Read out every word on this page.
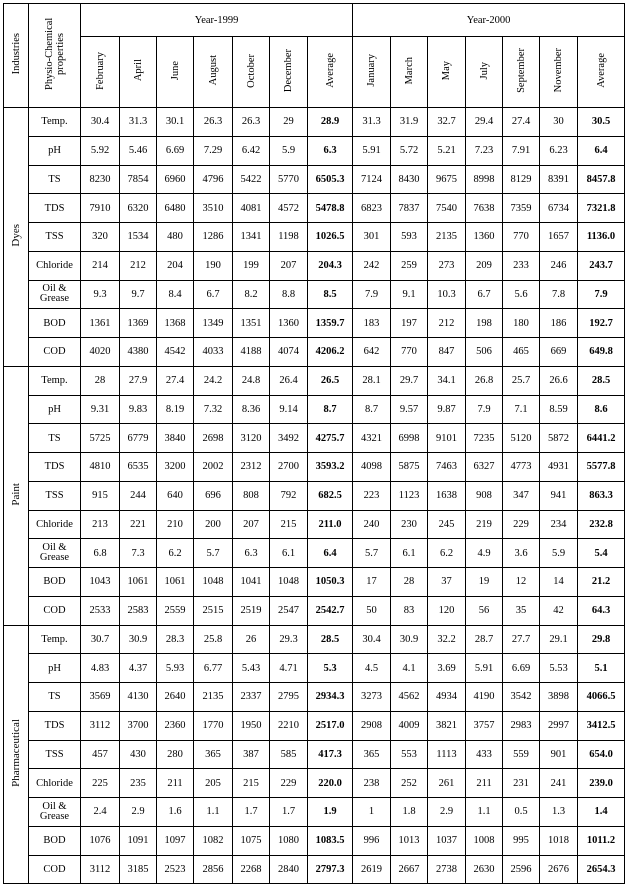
Industries	Physio-Chemical properties	Year-1999							Year-2000						
		February	April	June	August	October	December	Average	January	March	May	July	September	November	Average
Dyes	Temp.	30.4	31.3	30.1	26.3	26.3	29	28.9	31.3	31.9	32.7	29.4	27.4	30	30.5
	pH	5.92	5.46	6.69	7.29	6.42	5.9	6.3	5.91	5.72	5.21	7.23	7.91	6.23	6.4
	TS	8230	7854	6960	4796	5422	5770	6505.3	7124	8430	9675	8998	8129	8391	8457.8
	TDS	7910	6320	6480	3510	4081	4572	5478.8	6823	7837	7540	7638	7359	6734	7321.8
	TSS	320	1534	480	1286	1341	1198	1026.5	301	593	2135	1360	770	1657	1136.0
	Chloride	214	212	204	190	199	207	204.3	242	259	273	209	233	246	243.7
	Oil & Grease	9.3	9.7	8.4	6.7	8.2	8.8	8.5	7.9	9.1	10.3	6.7	5.6	7.8	7.9
	BOD	1361	1369	1368	1349	1351	1360	1359.7	183	197	212	198	180	186	192.7
	COD	4020	4380	4542	4033	4188	4074	4206.2	642	770	847	506	465	669	649.8
Paint	Temp.	28	27.9	27.4	24.2	24.8	26.4	26.5	28.1	29.7	34.1	26.8	25.7	26.6	28.5
	pH	9.31	9.83	8.19	7.32	8.36	9.14	8.7	8.7	9.57	9.87	7.9	7.1	8.59	8.6
	TS	5725	6779	3840	2698	3120	3492	4275.7	4321	6998	9101	7235	5120	5872	6441.2
	TDS	4810	6535	3200	2002	2312	2700	3593.2	4098	5875	7463	6327	4773	4931	5577.8
	TSS	915	244	640	696	808	792	682.5	223	1123	1638	908	347	941	863.3
	Chloride	213	221	210	200	207	215	211.0	240	230	245	219	229	234	232.8
	Oil & Grease	6.8	7.3	6.2	5.7	6.3	6.1	6.4	5.7	6.1	6.2	4.9	3.6	5.9	5.4
	BOD	1043	1061	1061	1048	1041	1048	1050.3	17	28	37	19	12	14	21.2
	COD	2533	2583	2559	2515	2519	2547	2542.7	50	83	120	56	35	42	64.3
Pharmaceutical	Temp.	30.7	30.9	28.3	25.8	26	29.3	28.5	30.4	30.9	32.2	28.7	27.7	29.1	29.8
	pH	4.83	4.37	5.93	6.77	5.43	4.71	5.3	4.5	4.1	3.69	5.91	6.69	5.53	5.1
	TS	3569	4130	2640	2135	2337	2795	2934.3	3273	4562	4934	4190	3542	3898	4066.5
	TDS	3112	3700	2360	1770	1950	2210	2517.0	2908	4009	3821	3757	2983	2997	3412.5
	TSS	457	430	280	365	387	585	417.3	365	553	1113	433	559	901	654.0
	Chloride	225	235	211	205	215	229	220.0	238	252	261	211	231	241	239.0
	Oil & Grease	2.4	2.9	1.6	1.1	1.7	1.7	1.9	1	1.8	2.9	1.1	0.5	1.3	1.4
	BOD	1076	1091	1097	1082	1075	1080	1083.5	996	1013	1037	1008	995	1018	1011.2
	COD	3112	3185	2523	2856	2268	2840	2797.3	2619	2667	2738	2630	2596	2676	2654.3
